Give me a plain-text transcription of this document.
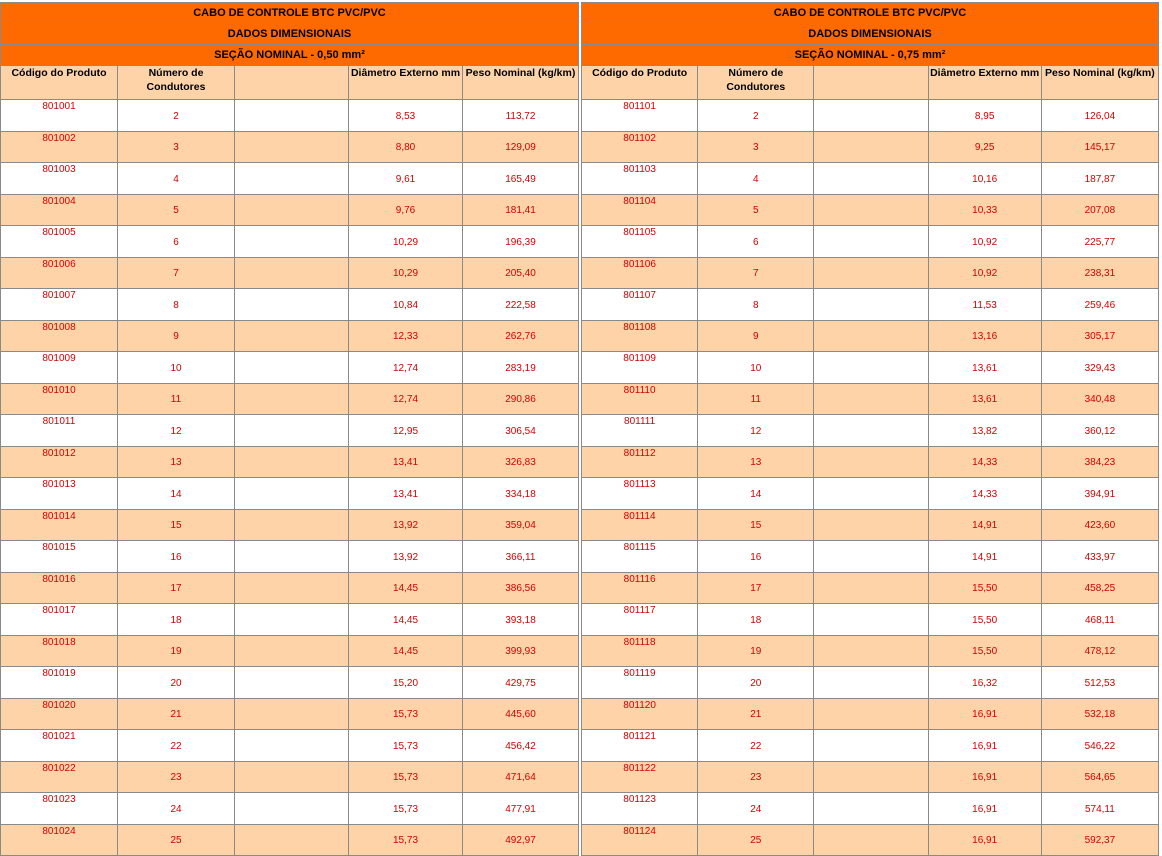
CABO DE CONTROLE BTC PVC/PVC				
DADOS DIMENSIONAIS				
SEÇÃO NOMINAL - 0,50 mm²				
Código do Produto	Número de Condutores		Diâmetro Externo mm	Peso Nominal (kg/km)
801001	2		8,53	113,72
801002	3		8,80	129,09
801003	4		9,61	165,49
801004	5		9,76	181,41
801005	6		10,29	196,39
801006	7		10,29	205,40
801007	8		10,84	222,58
801008	9		12,33	262,76
801009	10		12,74	283,19
801010	11		12,74	290,86
801011	12		12,95	306,54
801012	13		13,41	326,83
801013	14		13,41	334,18
801014	15		13,92	359,04
801015	16		13,92	366,11
801016	17		14,45	386,56
801017	18		14,45	393,18
801018	19		14,45	399,93
801019	20		15,20	429,75
801020	21		15,73	445,60
801021	22		15,73	456,42
801022	23		15,73	471,64
801023	24		15,73	477,91
801024	25		15,73	492,97
CABO DE CONTROLE BTC PVC/PVC				
DADOS DIMENSIONAIS				
SEÇÃO NOMINAL - 0,75 mm²				
Código do Produto	Número de Condutores		Diâmetro Externo mm	Peso Nominal (kg/km)
801101	2		8,95	126,04
801102	3		9,25	145,17
801103	4		10,16	187,87
801104	5		10,33	207,08
801105	6		10,92	225,77
801106	7		10,92	238,31
801107	8		11,53	259,46
801108	9		13,16	305,17
801109	10		13,61	329,43
801110	11		13,61	340,48
801111	12		13,82	360,12
801112	13		14,33	384,23
801113	14		14,33	394,91
801114	15		14,91	423,60
801115	16		14,91	433,97
801116	17		15,50	458,25
801117	18		15,50	468,11
801118	19		15,50	478,12
801119	20		16,32	512,53
801120	21		16,91	532,18
801121	22		16,91	546,22
801122	23		16,91	564,65
801123	24		16,91	574,11
801124	25		16,91	592,37
